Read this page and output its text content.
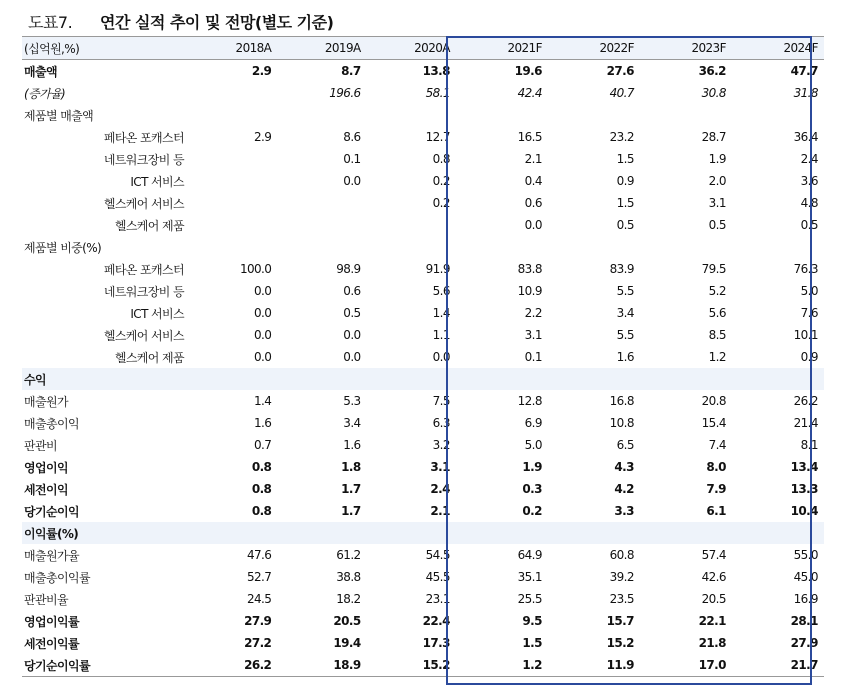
도표7.	연간 실적 추이 및 전망(별도 기준)
(십억원,%)	2018A	2019A	2020A	2021F	2022F	2023F	2024F
매출액	2.9	8.7	13.8	19.6	27.6	36.2	47.7
(증가율)		196.6	58.1	42.4	40.7	30.8	31.8
제품별 매출액							
페타온 포캐스터	2.9	8.6	12.7	16.5	23.2	28.7	36.4
네트워크장비 등		0.1	0.8	2.1	1.5	1.9	2.4
ICT 서비스		0.0	0.2	0.4	0.9	2.0	3.6
헬스케어 서비스			0.2	0.6	1.5	3.1	4.8
헬스케어 제품				0.0	0.5	0.5	0.5
제품별 비중(%)							
페타온 포캐스터	100.0	98.9	91.9	83.8	83.9	79.5	76.3
네트워크장비 등	0.0	0.6	5.6	10.9	5.5	5.2	5.0
ICT 서비스	0.0	0.5	1.4	2.2	3.4	5.6	7.6
헬스케어 서비스	0.0	0.0	1.1	3.1	5.5	8.5	10.1
헬스케어 제품	0.0	0.0	0.0	0.1	1.6	1.2	0.9
수익							
매출원가	1.4	5.3	7.5	12.8	16.8	20.8	26.2
매출총이익	1.6	3.4	6.3	6.9	10.8	15.4	21.4
판관비	0.7	1.6	3.2	5.0	6.5	7.4	8.1
영업이익	0.8	1.8	3.1	1.9	4.3	8.0	13.4
세전이익	0.8	1.7	2.4	0.3	4.2	7.9	13.3
당기순이익	0.8	1.7	2.1	0.2	3.3	6.1	10.4
이익률(%)							
매출원가율	47.6	61.2	54.5	64.9	60.8	57.4	55.0
매출총이익률	52.7	38.8	45.5	35.1	39.2	42.6	45.0
판관비율	24.5	18.2	23.1	25.5	23.5	20.5	16.9
영업이익률	27.9	20.5	22.4	9.5	15.7	22.1	28.1
세전이익률	27.2	19.4	17.3	1.5	15.2	21.8	27.9
당기순이익률	26.2	18.9	15.2	1.2	11.9	17.0	21.7
